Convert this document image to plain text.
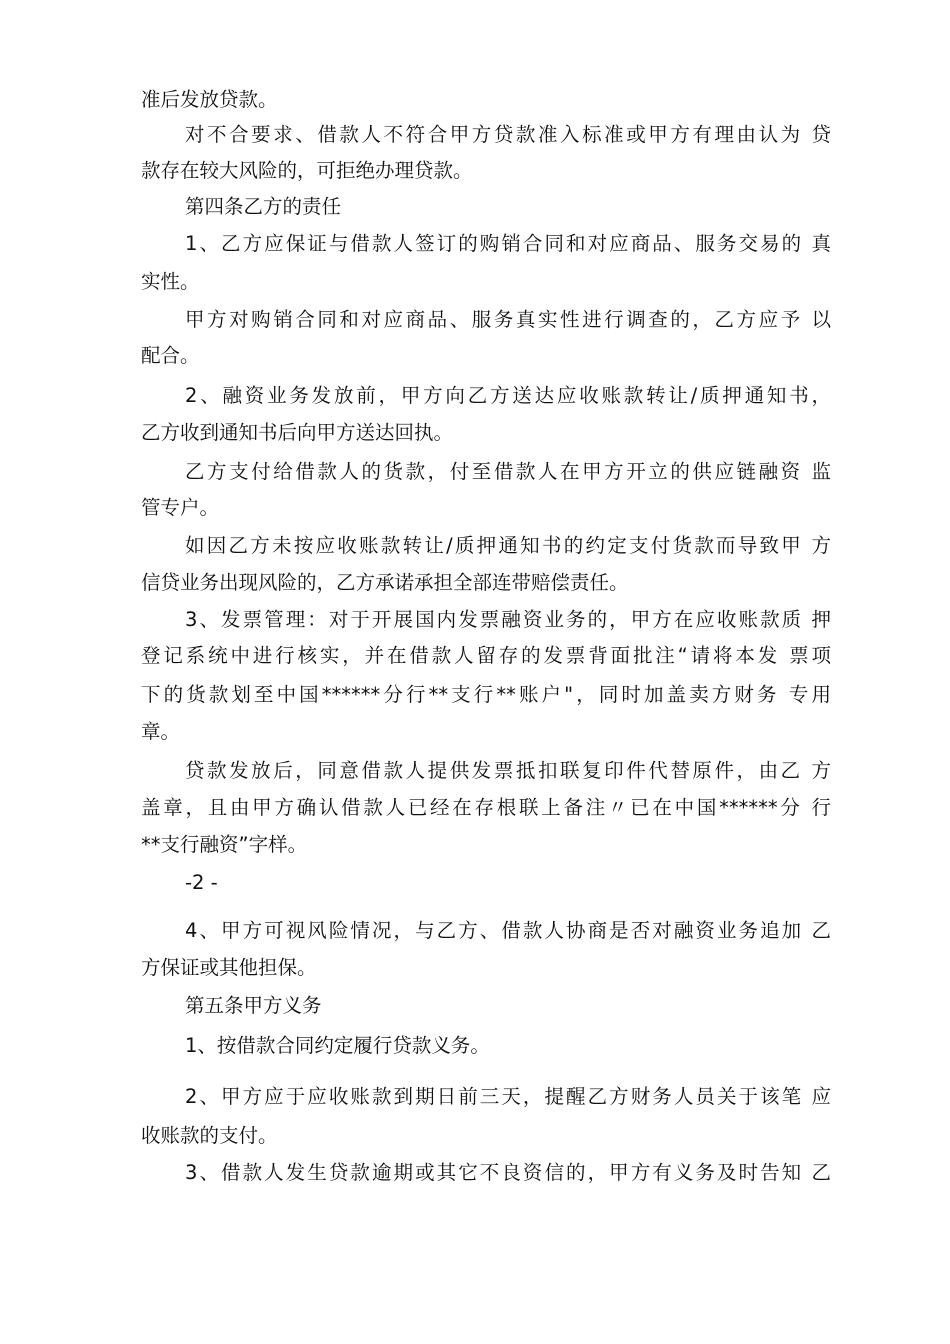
准后发放贷款。
对不合要求、借款人不符合甲方贷款准入标准或甲方有理由认为 贷
款存在较大风险的，可拒绝办理贷款。
第四条乙方的责任
1、乙方应保证与借款人签订的购销合同和对应商品、服务交易的 真
实性。
甲方对购销合同和对应商品、服务真实性进行调查的，乙方应予 以
配合。
2、融资业务发放前，甲方向乙方送达应收账款转让/质押通知书，
乙方收到通知书后向甲方送达回执。
乙方支付给借款人的货款，付至借款人在甲方开立的供应链融资 监
管专户。
如因乙方未按应收账款转让/质押通知书的约定支付货款而导致甲 方
信贷业务出现风险的，乙方承诺承担全部连带赔偿责任。
3、发票管理：对于开展国内发票融资业务的，甲方在应收账款质 押
登记系统中进行核实，并在借款人留存的发票背面批注“请将本发 票项
下的货款划至中国******分行**支行**账户"，同时加盖卖方财务 专用
章。
贷款发放后，同意借款人提供发票抵扣联复印件代替原件，由乙 方
盖章，且由甲方确认借款人已经在存根联上备注〃已在中国******分 行
**支行融资”字样。
-2 -
4、甲方可视风险情况，与乙方、借款人协商是否对融资业务追加 乙
方保证或其他担保。
第五条甲方义务
1、按借款合同约定履行贷款义务。
2、甲方应于应收账款到期日前三天，提醒乙方财务人员关于该笔 应
收账款的支付。
3、借款人发生贷款逾期或其它不良资信的，甲方有义务及时告知 乙
